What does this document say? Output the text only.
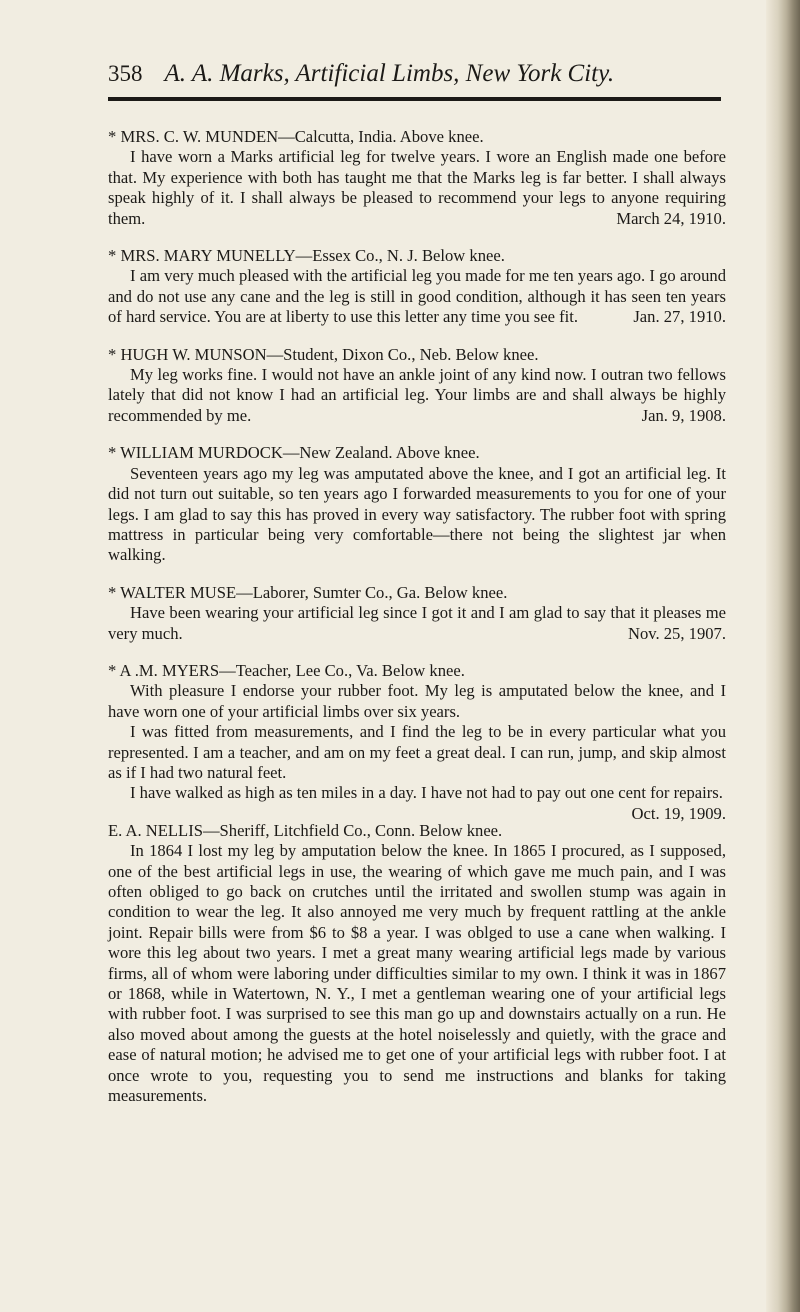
358 A. A. Marks, Artificial Limbs, New York City.

* MRS. C. W. MUNDEN—Calcutta, India. Above knee.

I have worn a Marks artificial leg for twelve years. I wore an English made one before that. My experience with both has taught me that the Marks leg is far better. I shall always speak highly of it. I shall always be pleased to recommend your legs to anyone requiring them.	March 24, 1910.

* MRS. MARY MUNELLY—Essex Co., N. J. Below knee.

I am very much pleased with the artificial leg you made for me ten years ago. I go around and do not use any cane and the leg is still in good condition, although it has seen ten years of hard service. You are at liberty to use this letter any time you see fit.	Jan. 27, 1910.

* HUGH W. MUNSON—Student, Dixon Co., Neb. Below knee.

My leg works fine. I would not have an ankle joint of any kind now. I outran two fellows lately that did not know I had an artificial leg. Your limbs are and shall always be highly recommended by me.	Jan. 9, 1908.

* WILLIAM MURDOCK—New Zealand. Above knee.

Seventeen years ago my leg was amputated above the knee, and I got an artificial leg. It did not turn out suitable, so ten years ago I forwarded measurements to you for one of your legs. I am glad to say this has proved in every way satisfactory. The rubber foot with spring mattress in particular being very comfortable—there not being the slightest jar when walking.

* WALTER MUSE—Laborer, Sumter Co., Ga. Below knee.

Have been wearing your artificial leg since I got it and I am glad to say that it pleases me very much.	Nov. 25, 1907.

* A .M. MYERS—Teacher, Lee Co., Va. Below knee.

With pleasure I endorse your rubber foot. My leg is amputated below the knee, and I have worn one of your artificial limbs over six years.

I was fitted from measurements, and I find the leg to be in every particular what you represented. I am a teacher, and am on my feet a great deal. I can run, jump, and skip almost as if I had two natural feet.

I have walked as high as ten miles in a day. I have not had to pay out one cent for repairs.
Oct. 19, 1909.

E. A. NELLIS—Sheriff, Litchfield Co., Conn. Below knee.

In 1864 I lost my leg by amputation below the knee. In 1865 I procured, as I supposed, one of the best artificial legs in use, the wearing of which gave me much pain, and I was often obliged to go back on crutches until the irritated and swollen stump was again in condition to wear the leg. It also annoyed me very much by frequent rattling at the ankle joint. Repair bills were from $6 to $8 a year. I was oblged to use a cane when walking. I wore this leg about two years. I met a great many wearing artificial legs made by various firms, all of whom were laboring under difficulties similar to my own. I think it was in 1867 or 1868, while in Watertown, N. Y., I met a gentleman wearing one of your artificial legs with rubber foot. I was surprised to see this man go up and downstairs actually on a run. He also moved about among the guests at the hotel noiselessly and quietly, with the grace and ease of natural motion; he advised me to get one of your artificial legs with rubber foot. I at once wrote to you, requesting you to send me instructions and blanks for taking measurements.
